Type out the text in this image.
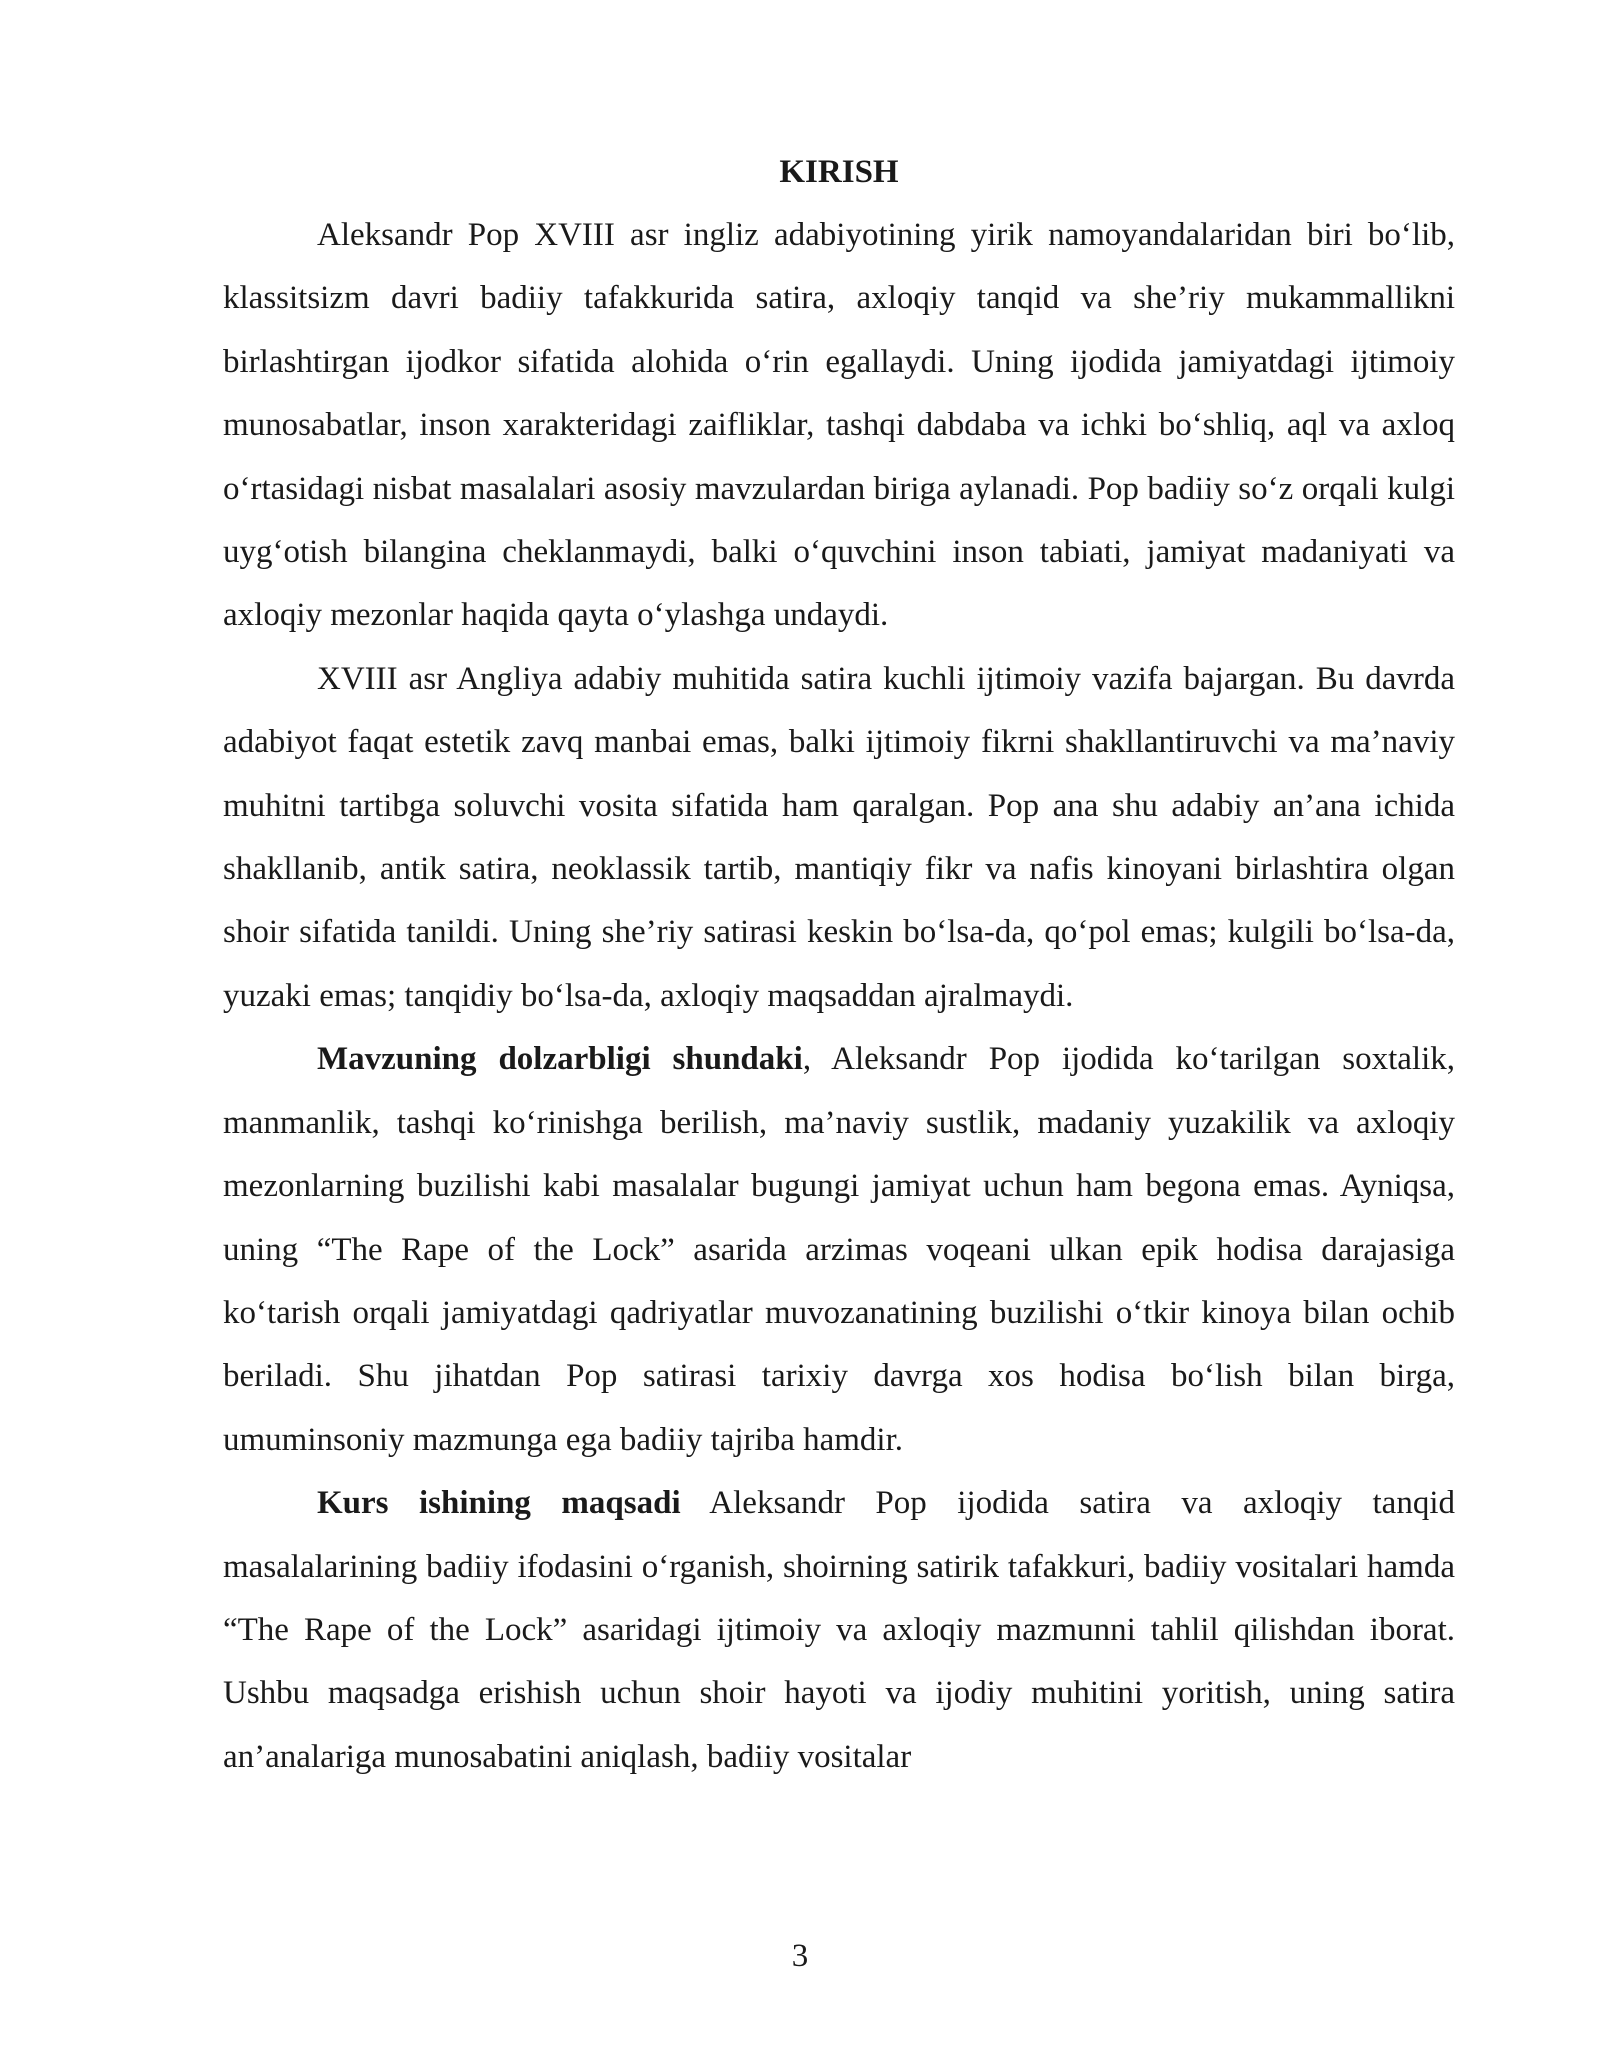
KIRISH

Aleksandr Pop XVIII asr ingliz adabiyotining yirik namoyandalaridan biri bo‘lib, klassitsizm davri badiiy tafakkurida satira, axloqiy tanqid va she’riy mukammallikni birlashtirgan ijodkor sifatida alohida o‘rin egallaydi. Uning ijodida jamiyatdagi ijtimoiy munosabatlar, inson xarakteridagi zaifliklar, tashqi dabdaba va ichki bo‘shliq, aql va axloq o‘rtasidagi nisbat masalalari asosiy mavzulardan biriga aylanadi. Pop badiiy so‘z orqali kulgi uyg‘otish bilangina cheklanmaydi, balki o‘quvchini inson tabiati, jamiyat madaniyati va axloqiy mezonlar haqida qayta o‘ylashga undaydi.

XVIII asr Angliya adabiy muhitida satira kuchli ijtimoiy vazifa bajargan. Bu davrda adabiyot faqat estetik zavq manbai emas, balki ijtimoiy fikrni shakllantiruvchi va ma’naviy muhitni tartibga soluvchi vosita sifatida ham qaralgan. Pop ana shu adabiy an’ana ichida shakllanib, antik satira, neoklassik tartib, mantiqiy fikr va nafis kinoyani birlashtira olgan shoir sifatida tanildi. Uning she’riy satirasi keskin bo‘lsa-da, qo‘pol emas; kulgili bo‘lsa-da, yuzaki emas; tanqidiy bo‘lsa-da, axloqiy maqsaddan ajralmaydi.

Mavzuning dolzarbligi shundaki, Aleksandr Pop ijodida ko‘tarilgan soxtalik, manmanlik, tashqi ko‘rinishga berilish, ma’naviy sustlik, madaniy yuzakilik va axloqiy mezonlarning buzilishi kabi masalalar bugungi jamiyat uchun ham begona emas. Ayniqsa, uning “The Rape of the Lock” asarida arzimas voqeani ulkan epik hodisa darajasiga ko‘tarish orqali jamiyatdagi qadriyatlar muvozanatining buzilishi o‘tkir kinoya bilan ochib beriladi. Shu jihatdan Pop satirasi tarixiy davrga xos hodisa bo‘lish bilan birga, umuminsoniy mazmunga ega badiiy tajriba hamdir.

Kurs ishining maqsadi Aleksandr Pop ijodida satira va axloqiy tanqid masalalarining badiiy ifodasini o‘rganish, shoirning satirik tafakkuri, badiiy vositalari hamda “The Rape of the Lock” asaridagi ijtimoiy va axloqiy mazmunni tahlil qilishdan iborat. Ushbu maqsadga erishish uchun shoir hayoti va ijodiy muhitini yoritish, uning satira an’analariga munosabatini aniqlash, badiiy vositalar

3
